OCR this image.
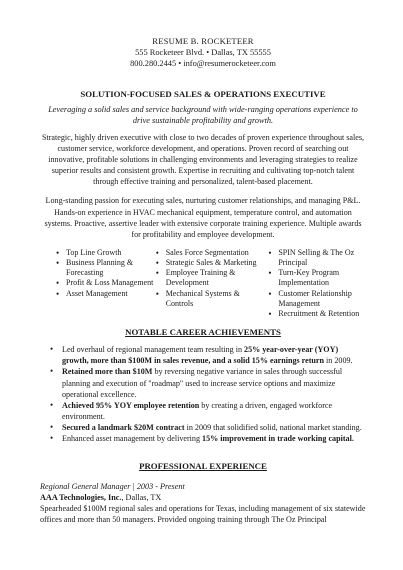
RESUME B. ROCKETEER
555 Rocketeer Blvd. • Dallas, TX 55555
800.280.2445 • info@resumerocketeer.com
SOLUTION-FOCUSED SALES & OPERATIONS EXECUTIVE

Leveraging a solid sales and service background with wide-ranging operations experience to drive sustainable profitability and growth.

Strategic, highly driven executive with close to two decades of proven experience throughout sales, customer service, workforce development, and operations. Proven record of searching out innovative, profitable solutions in challenging environments and leveraging strategies to realize superior results and consistent growth. Expertise in recruiting and cultivating top-notch talent through effective training and personalized, talent-based placement.

Long-standing passion for executing sales, nurturing customer relationships, and managing P&L. Hands-on experience in HVAC mechanical equipment, temperature control, and automation systems. Proactive, assertive leader with extensive corporate training experience. Multiple awards for profitability and employee development.

• Top Line Growth
• Business Planning & Forecasting
• Profit & Loss Management
• Asset Management
• Sales Force Segmentation
• Strategic Sales & Marketing
• Employee Training & Development
• Mechanical Systems & Controls
• SPIN Selling & The Oz Principal
• Turn-Key Program Implementation
• Customer Relationship Management
• Recruitment & Retention
NOTABLE CAREER ACHIEVEMENTS
• Led overhaul of regional management team resulting in 25% year-over-year (YOY) growth, more than $100M in sales revenue, and a solid 15% earnings return in 2009.
• Retained more than $10M by reversing negative variance in sales through successful planning and execution of "roadmap" used to increase service options and maximize operational excellence.
• Achieved 95% YOY employee retention by creating a driven, engaged workforce environment.
• Secured a landmark $20M contract in 2009 that solidified solid, national market standing.
• Enhanced asset management by delivering 15% improvement in trade working capital.
PROFESSIONAL EXPERIENCE
Regional General Manager | 2003 - Present
AAA Technologies, Inc., Dallas, TX

Spearheaded $100M regional sales and operations for Texas, including management of six statewide offices and more than 50 managers. Provided ongoing training through The Oz Principal
